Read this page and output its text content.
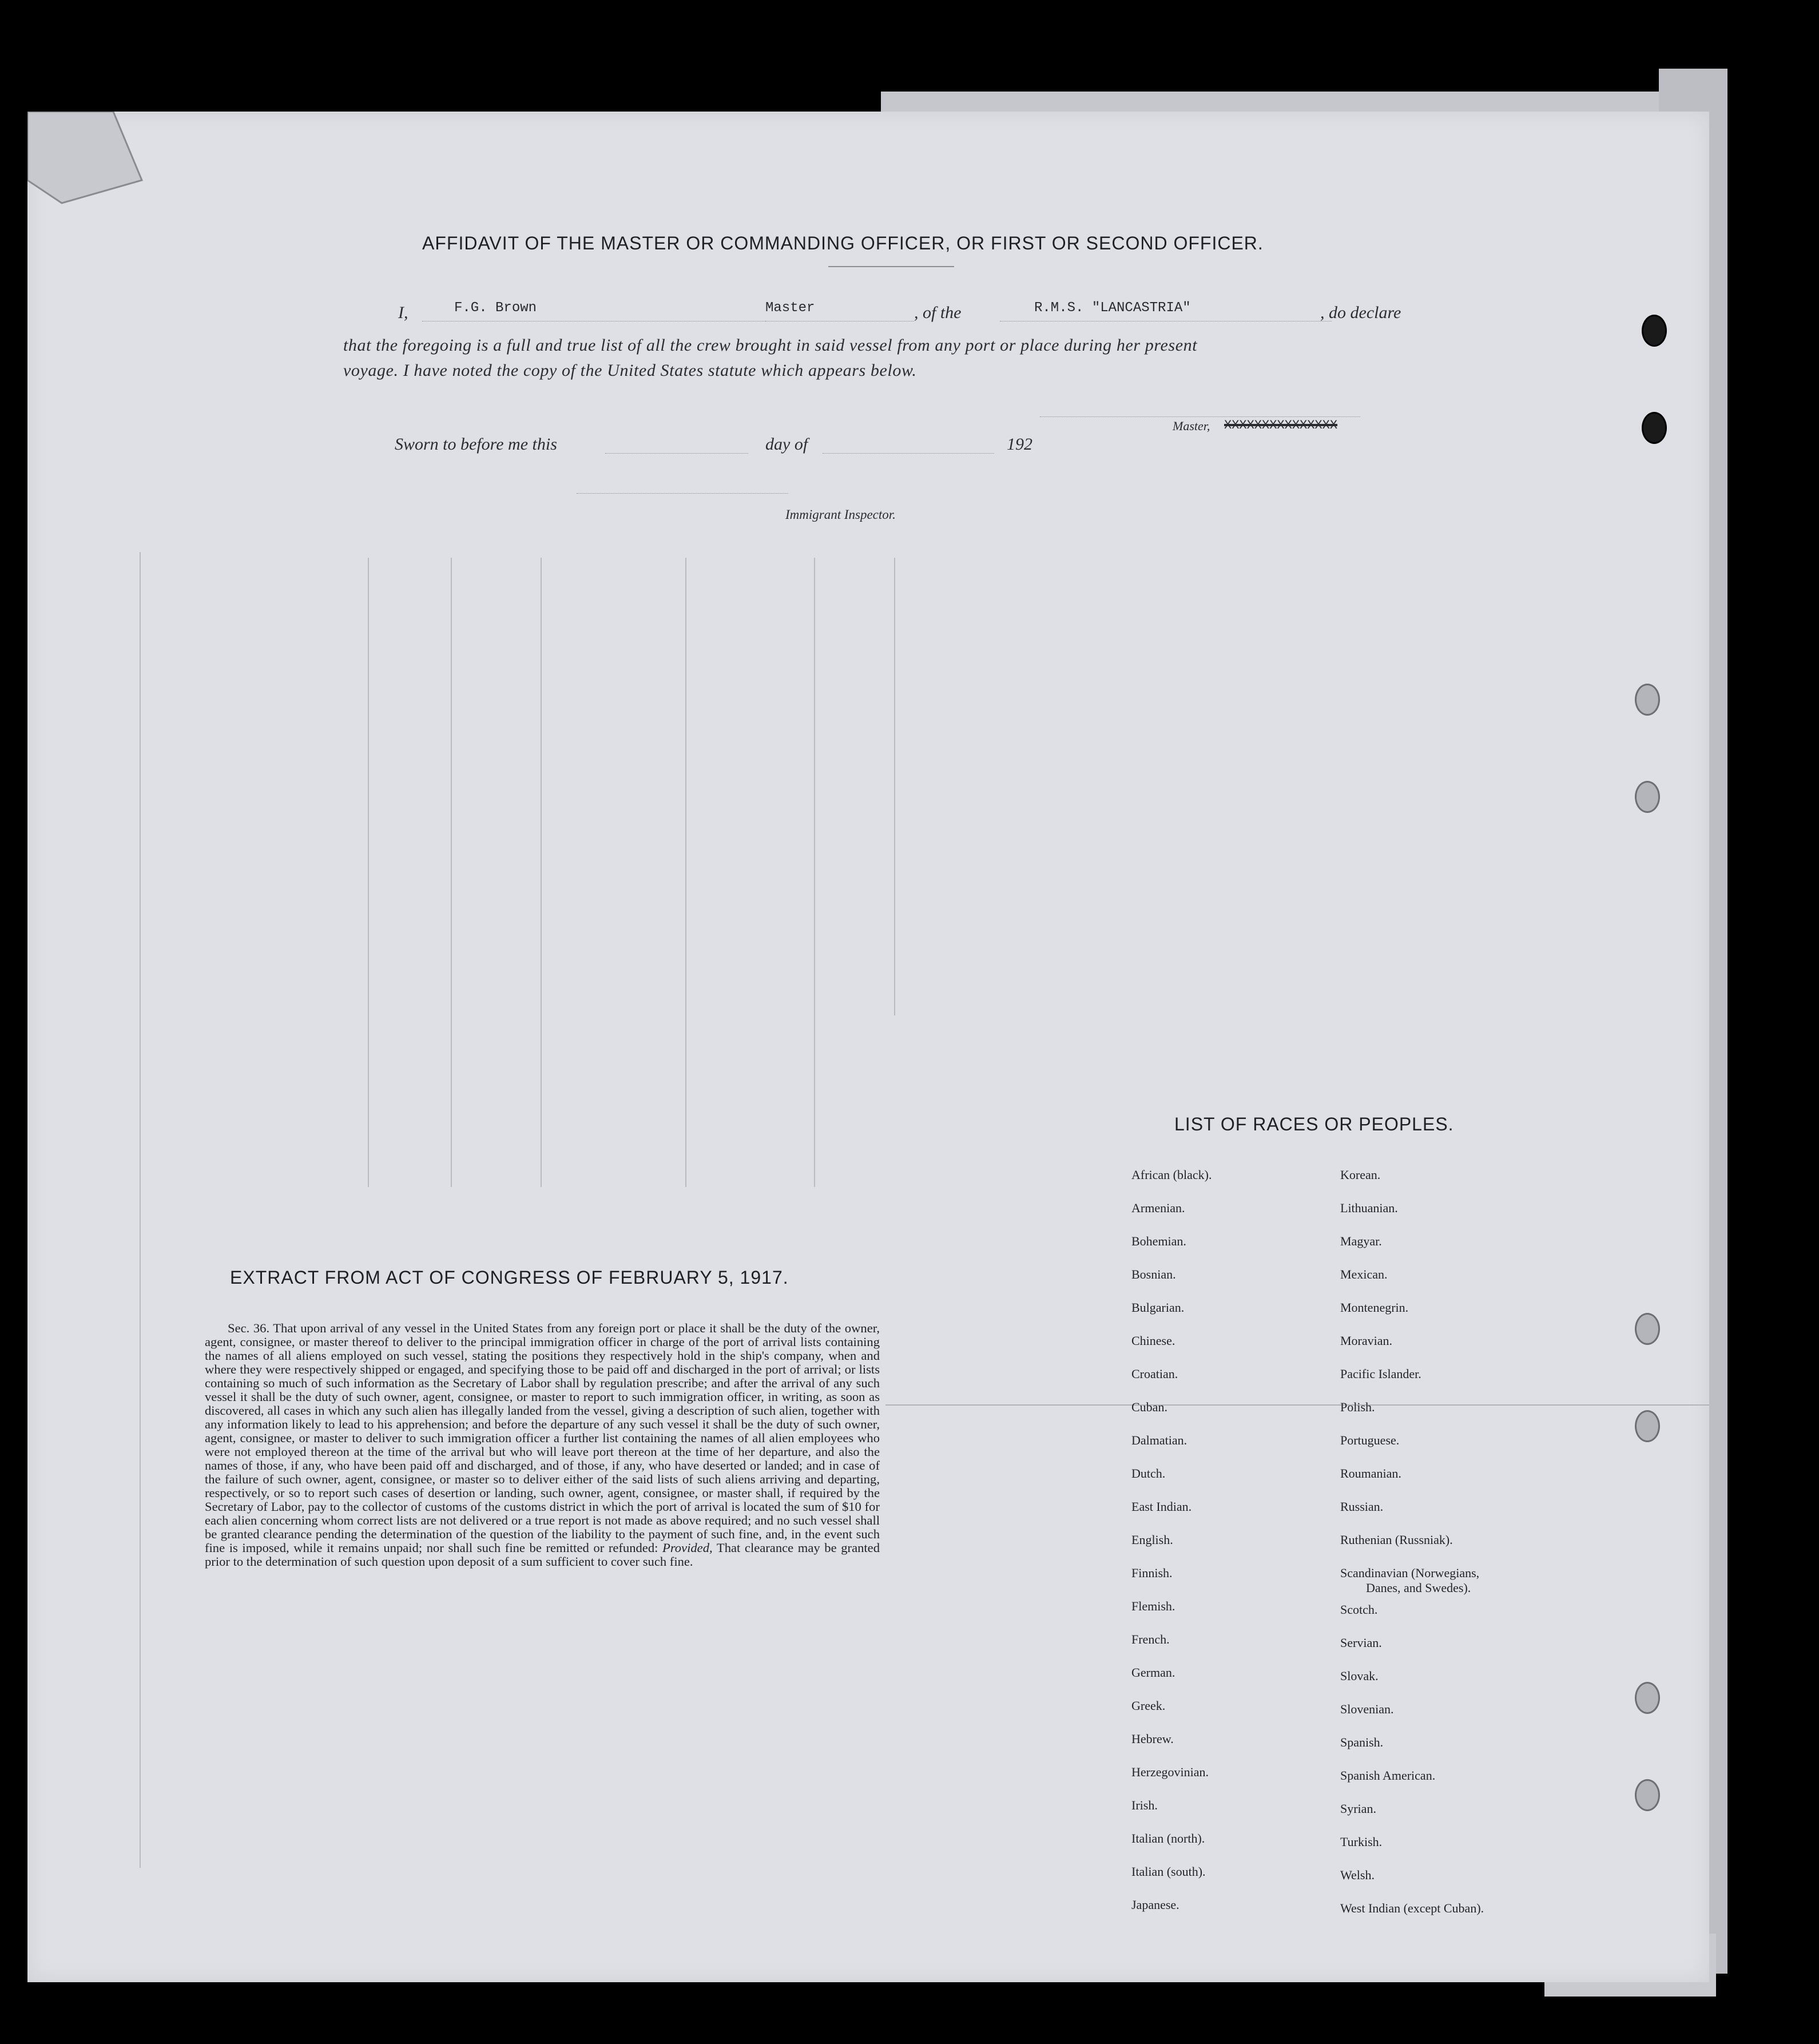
AFFIDAVIT OF THE MASTER OR COMMANDING OFFICER, OR FIRST OR SECOND OFFICER.
I,	F.G. Brown	Master	, of the	R.M.S. "LANCASTRIA"	, do declare
that the foregoing is a full and true list of all the crew brought in said vessel from any port or place during her present
voyage. I have noted the copy of the United States statute which appears below.
Sworn to before me this	day of	192
Master, XXXXXXXXXXXXXXX
Immigrant Inspector.
EXTRACT FROM ACT OF CONGRESS OF FEBRUARY 5, 1917.

Sec. 36. That upon arrival of any vessel in the United States from any foreign port or place it shall be the duty of the owner, agent, consignee, or master thereof to deliver to the principal immigration officer in charge of the port of arrival lists containing the names of all aliens employed on such vessel, stating the positions they respectively hold in the ship's company, when and where they were respectively shipped or engaged, and specifying those to be paid off and discharged in the port of arrival; or lists containing so much of such information as the Secretary of Labor shall by regulation prescribe; and after the arrival of any such vessel it shall be the duty of such owner, agent, consignee, or master to report to such immigration officer, in writing, as soon as discovered, all cases in which any such alien has illegally landed from the vessel, giving a description of such alien, together with any information likely to lead to his apprehension; and before the departure of any such vessel it shall be the duty of such owner, agent, consignee, or master to deliver to such immigration officer a further list containing the names of all alien employees who were not employed thereon at the time of the arrival but who will leave port thereon at the time of her departure, and also the names of those, if any, who have been paid off and discharged, and of those, if any, who have deserted or landed; and in case of the failure of such owner, agent, consignee, or master so to deliver either of the said lists of such aliens arriving and departing, respectively, or so to report such cases of desertion or landing, such owner, agent, consignee, or master shall, if required by the Secretary of Labor, pay to the collector of customs of the customs district in which the port of arrival is located the sum of $10 for each alien concerning whom correct lists are not delivered or a true report is not made as above required; and no such vessel shall be granted clearance pending the determination of the question of the liability to the payment of such fine, and, in the event such fine is imposed, while it remains unpaid; nor shall such fine be remitted or refunded: Provided, That clearance may be granted prior to the determination of such question upon deposit of a sum sufficient to cover such fine.

LIST OF RACES OR PEOPLES.
African (black).
Armenian.
Bohemian.
Bosnian.
Bulgarian.
Chinese.
Croatian.
Cuban.
Dalmatian.
Dutch.
East Indian.
English.
Finnish.
Flemish.
French.
German.
Greek.
Hebrew.
Herzegovinian.
Irish.
Italian (north).
Italian (south).
Japanese.
Korean.
Lithuanian.
Magyar.
Mexican.
Montenegrin.
Moravian.
Pacific Islander.
Polish.
Portuguese.
Roumanian.
Russian.
Ruthenian (Russniak).
Scandinavian (Norwegians,
Danes, and Swedes).
Scotch.
Servian.
Slovak.
Slovenian.
Spanish.
Spanish American.
Syrian.
Turkish.
Welsh.
West Indian (except Cuban).
